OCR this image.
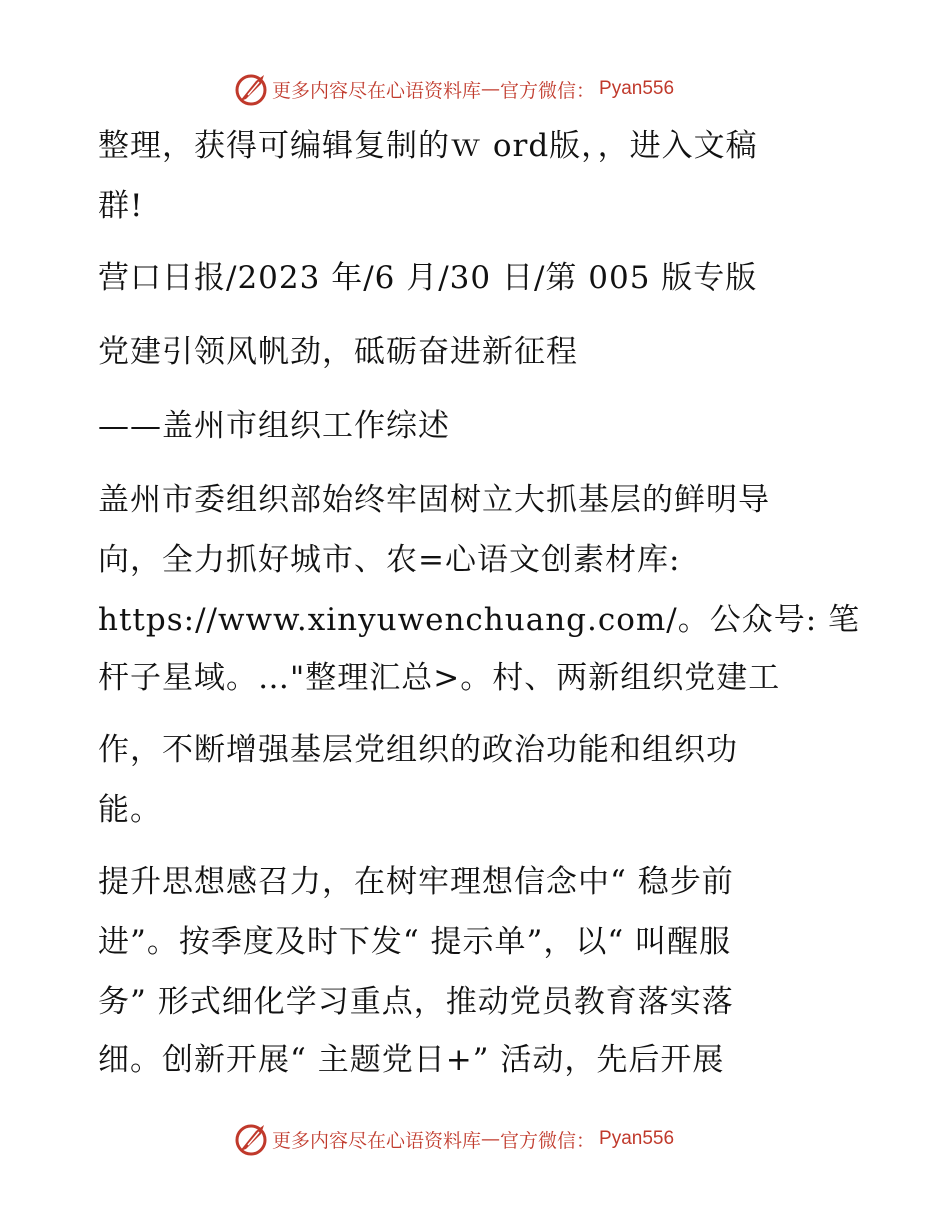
更多内容尽在心语资料库 — 官方微信 ： Pyan556
整理，获得可编辑复制的ｗ ord版，，进入文稿
群!
营口日报/2023 年/6 月/30 日/第 005 版专版
党建引领风帆劲，砥砺奋进新征程
——盖州市组织工作综述
盖州市委组织部始终牢固树立大抓基层的鲜明导
向，全力抓好城市、农=心语文创素材库:
https://www.xinyuwenchuang.com/。公众号: 笔
杆子星域。…"整理汇总>。村、两新组织党建工
作，不断增强基层党组织的政治功能和组织功
能。
提升思想感召力，在树牢理想信念中“ 稳步前
进”。按季度及时下发“ 提示单”，以“ 叫醒服
务” 形式细化学习重点，推动党员教育落实落
细。创新开展“ 主题党日+” 活动，先后开展
更多内容尽在心语资料库 — 官方微信 ： Pyan556
